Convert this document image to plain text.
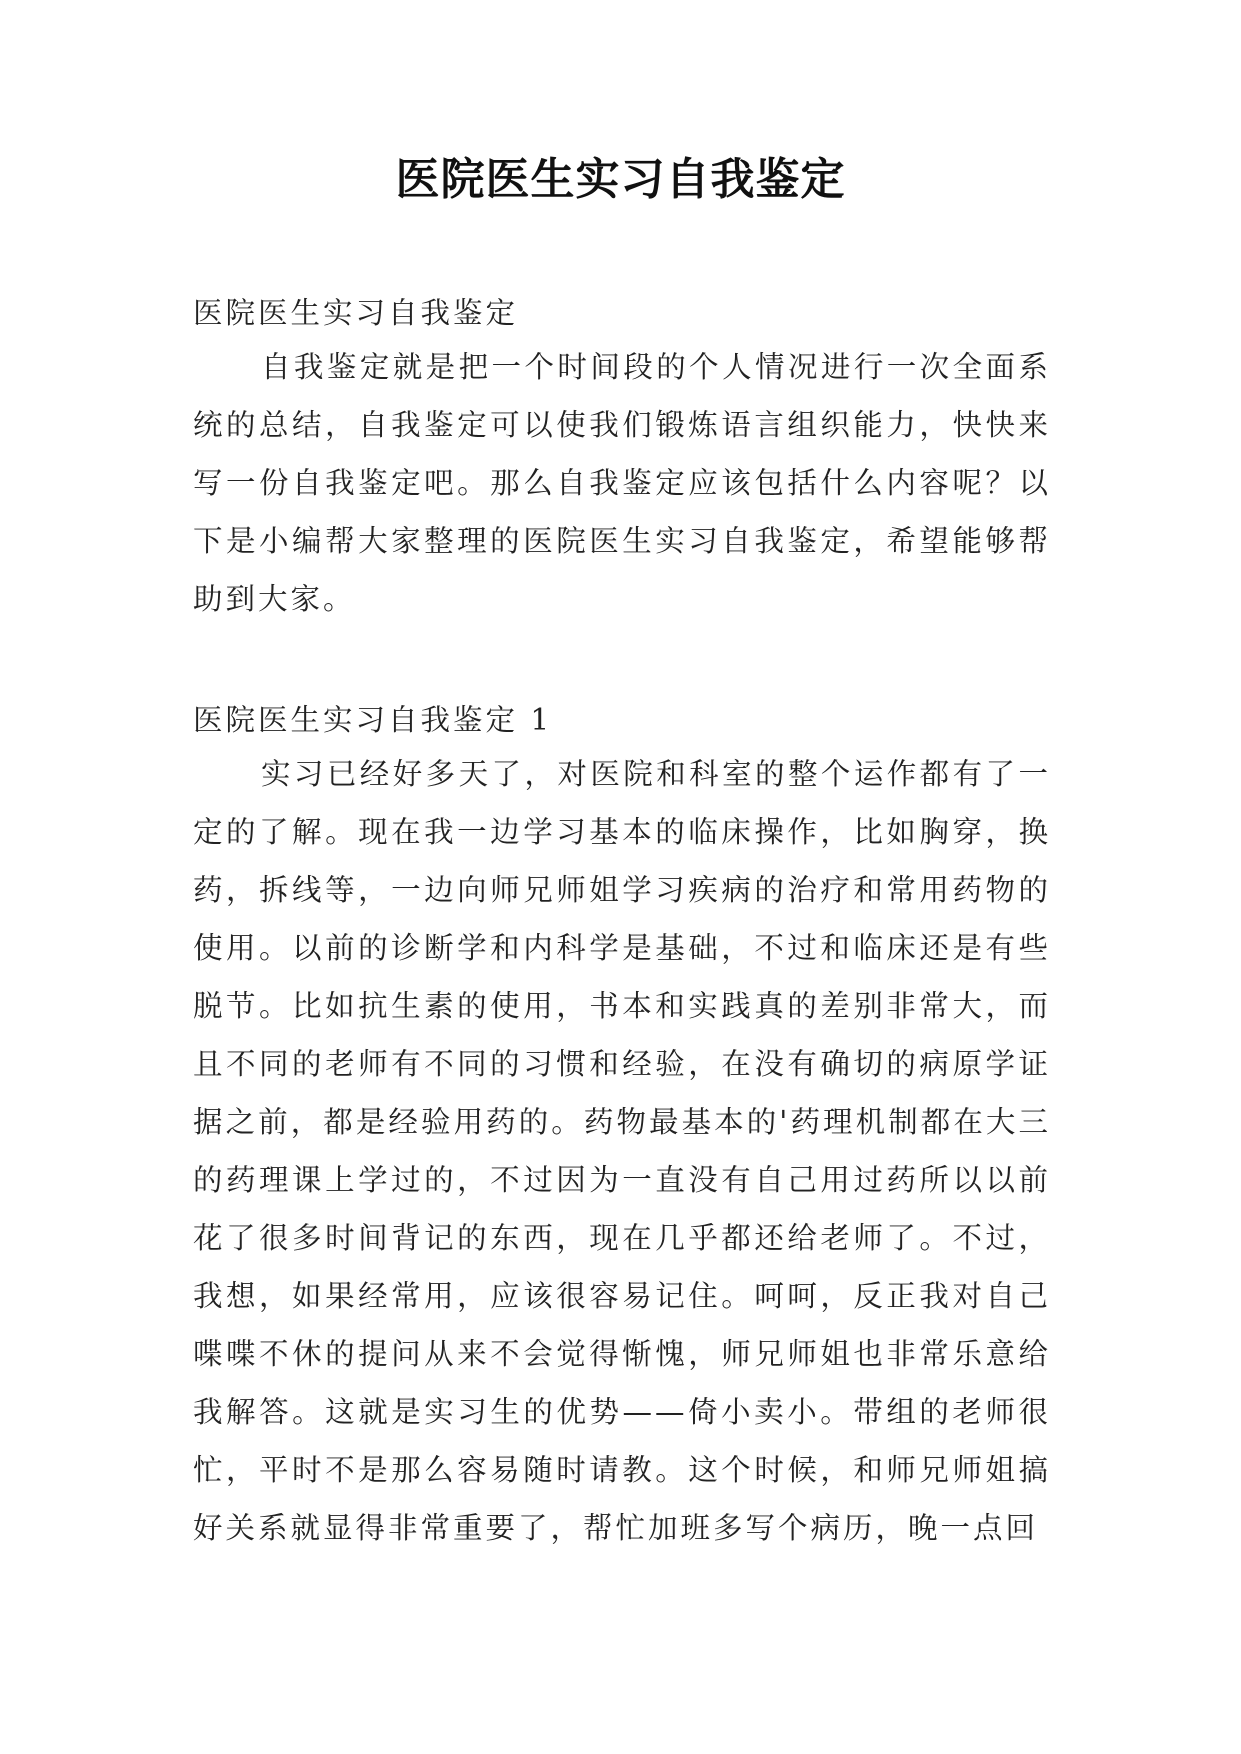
医院医生实习自我鉴定

医院医生实习自我鉴定

自我鉴定就是把一个时间段的个人情况进行一次全面系统的总结，自我鉴定可以使我们锻炼语言组织能力，快快来写一份自我鉴定吧。那么自我鉴定应该包括什么内容呢？以下是小编帮大家整理的医院医生实习自我鉴定，希望能够帮助到大家。

医院医生实习自我鉴定 1

实习已经好多天了，对医院和科室的整个运作都有了一定的了解。现在我一边学习基本的临床操作，比如胸穿，换药，拆线等，一边向师兄师姐学习疾病的治疗和常用药物的使用。以前的诊断学和内科学是基础，不过和临床还是有些脱节。比如抗生素的使用，书本和实践真的差别非常大，而且不同的老师有不同的习惯和经验，在没有确切的病原学证据之前，都是经验用药的。药物最基本的'药理机制都在大三的药理课上学过的，不过因为一直没有自己用过药所以以前花了很多时间背记的东西，现在几乎都还给老师了。不过，我想，如果经常用，应该很容易记住。呵呵，反正我对自己喋喋不休的提问从来不会觉得惭愧，师兄师姐也非常乐意给我解答。这就是实习生的优势——倚小卖小。带组的老师很忙，平时不是那么容易随时请教。这个时候，和师兄师姐搞好关系就显得非常重要了，帮忙加班多写个病历，晚一点回
